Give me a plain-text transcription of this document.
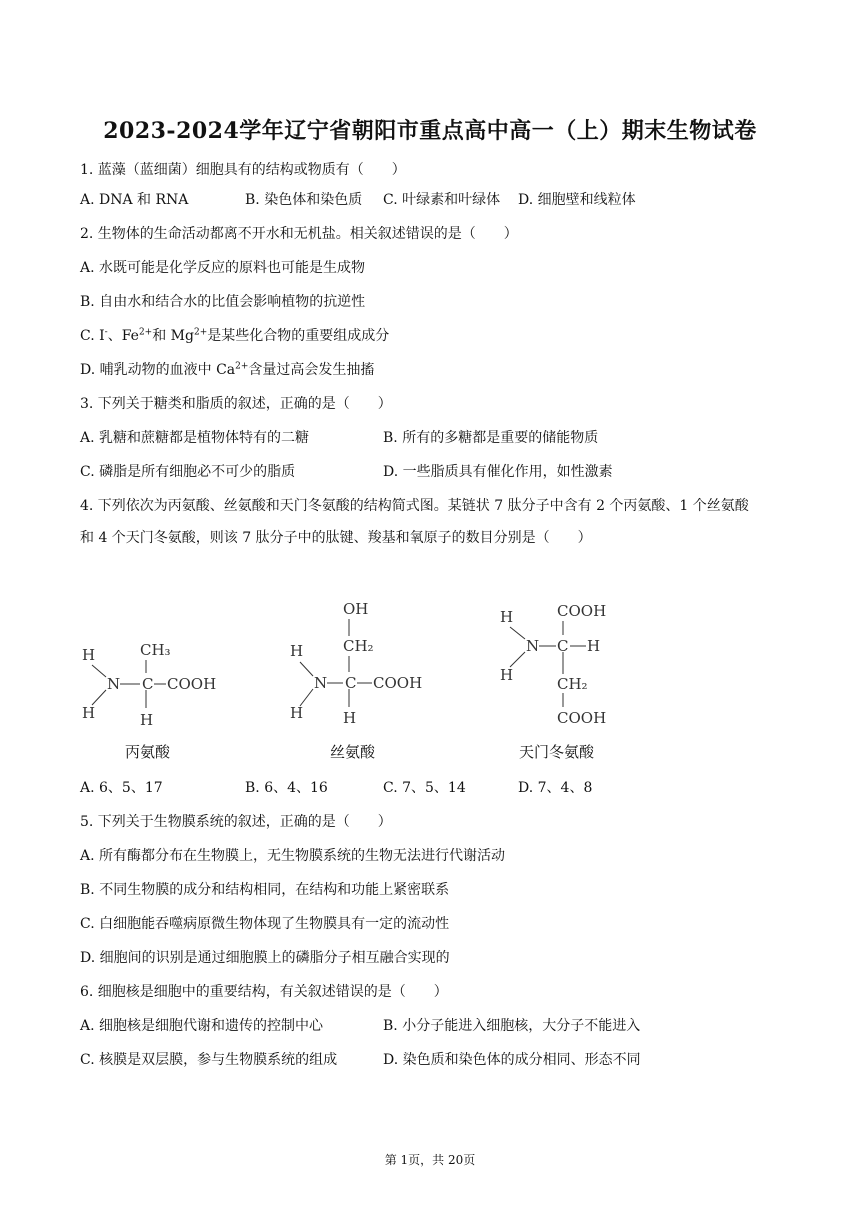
2023-2024学年辽宁省朝阳市重点高中高一（上）期末生物试卷
1. 蓝藻（蓝细菌）细胞具有的结构或物质有（　　）
A. DNA 和 RNA	B. 染色体和染色质 C. 叶绿素和叶绿体 D. 细胞壁和线粒体
2. 生物体的生命活动都离不开水和无机盐。相关叙述错误的是（　　）
A. 水既可能是化学反应的原料也可能是生成物
B. 自由水和结合水的比值会影响植物的抗逆性
C. I-、$Fe^{2+}$和 $Mg^{2+}$是某些化合物的重要组成成分
D. 哺乳动物的血液中 $Ca^{2+}$含量过高会发生抽搐
3. 下列关于糖类和脂质的叙述，正确的是（　　）
A. 乳糖和蔗糖都是植物体特有的二糖	B. 所有的多糖都是重要的储能物质
C. 磷脂是所有细胞必不可少的脂质	D. 一些脂质具有催化作用，如性激素
4. 下列依次为丙氨酸、丝氨酸和天门冬氨酸的结构简式图。某链状 7 肽分子中含有 2 个丙氨酸、1 个丝氨酸
和 4 个天门冬氨酸，则该 7 肽分子中的肽键、羧基和氧原子的数目分别是（　　）
H
H
N C COOH
CH₃
H
丙氨酸
OH
CH₂
H
H
N C COOH
H
丝氨酸
COOH
H
H
N C H
CH₂
COOH
天门冬氨酸
A. 6、5、17	B. 6、4、16	C. 7、5、14	D. 7、4、8
5. 下列关于生物膜系统的叙述，正确的是（　　）
A. 所有酶都分布在生物膜上，无生物膜系统的生物无法进行代谢活动
B. 不同生物膜的成分和结构相同，在结构和功能上紧密联系
C. 白细胞能吞噬病原微生物体现了生物膜具有一定的流动性
D. 细胞间的识别是通过细胞膜上的磷脂分子相互融合实现的
6. 细胞核是细胞中的重要结构，有关叙述错误的是（　　）
A. 细胞核是细胞代谢和遗传的控制中心	B. 小分子能进入细胞核，大分子不能进入
C. 核膜是双层膜，参与生物膜系统的组成	D. 染色质和染色体的成分相同、形态不同
第 1页，共 20页
